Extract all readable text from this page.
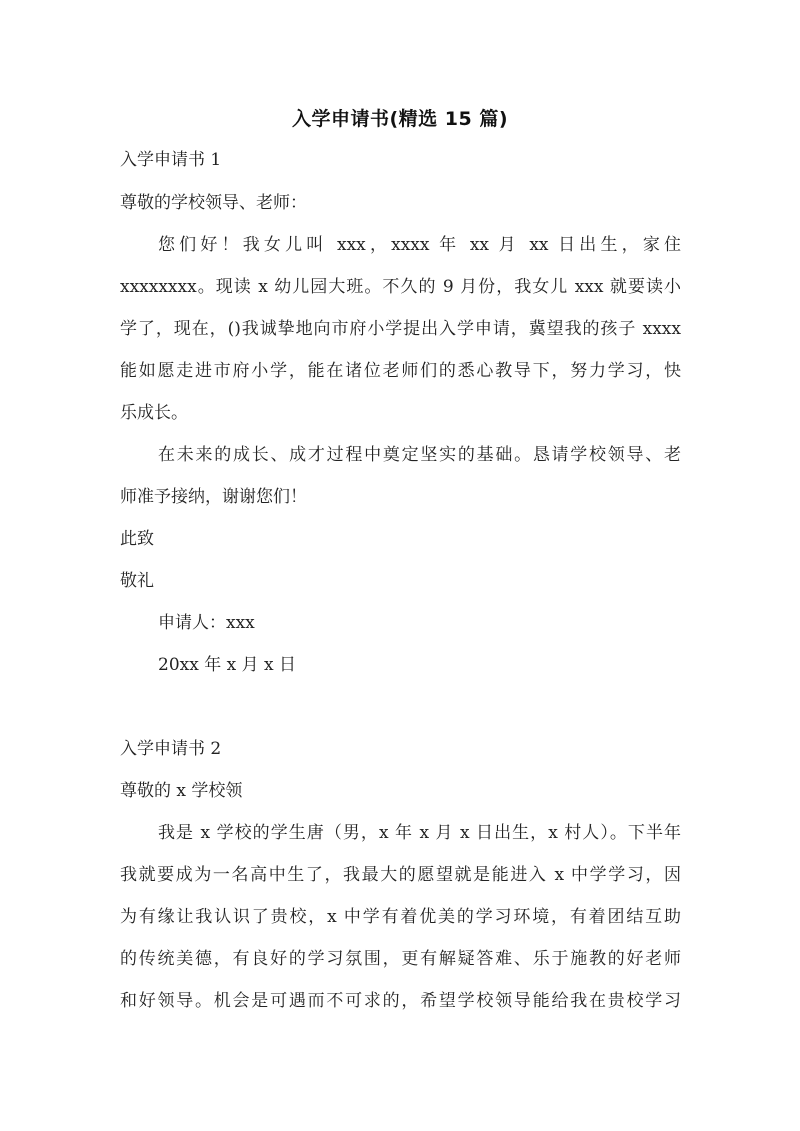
入学申请书(精选 15 篇)
入学申请书 1
尊敬的学校领导、老师：
您们好！我女儿叫 xxx，xxxx 年 xx 月 xx 日出生，家住
xxxxxxxx。现读 x 幼儿园大班。不久的 9 月份，我女儿 xxx 就要读小
学了，现在，()我诚挚地向市府小学提出入学申请，冀望我的孩子 xxxx
能如愿走进市府小学，能在诸位老师们的悉心教导下，努力学习，快
乐成长。
在未来的成长、成才过程中奠定坚实的基础。恳请学校领导、老
师准予接纳，谢谢您们！
此致
敬礼
申请人：xxx
20xx 年 x 月 x 日
入学申请书 2
尊敬的 x 学校领
我是 x 学校的学生唐（男，x 年 x 月 x 日出生，x 村人）。下半年
我就要成为一名高中生了，我最大的愿望就是能进入 x 中学学习，因
为有缘让我认识了贵校，x 中学有着优美的学习环境，有着团结互助
的传统美德，有良好的学习氛围，更有解疑答难、乐于施教的好老师
和好领导。机会是可遇而不可求的，希望学校领导能给我在贵校学习
